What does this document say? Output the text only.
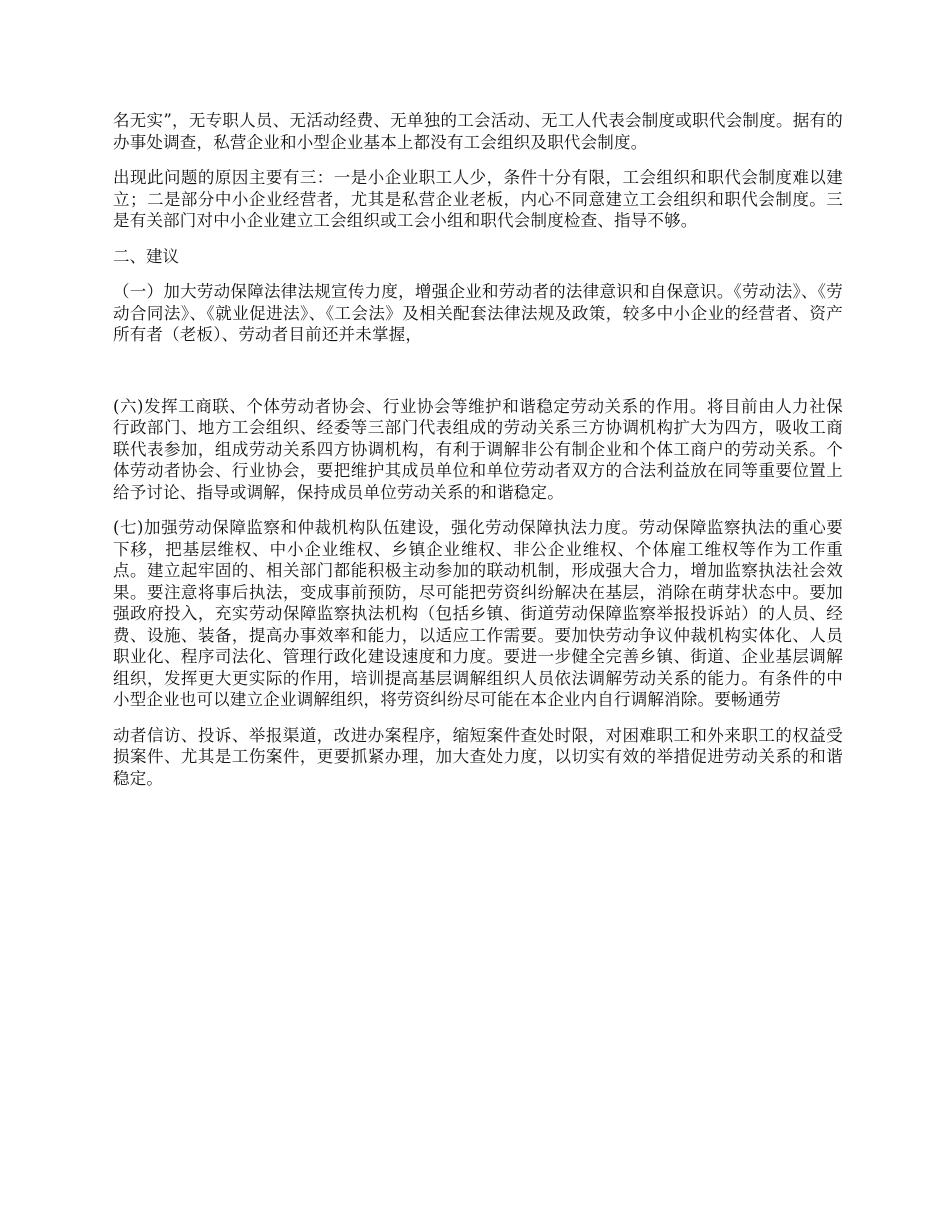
名无实”，无专职人员、无活动经费、无单独的工会活动、无工人代表会制度或职代会制度。据有的办事处调查，私营企业和小型企业基本上都没有工会组织及职代会制度。

出现此问题的原因主要有三：一是小企业职工人少，条件十分有限，工会组织和职代会制度难以建立；二是部分中小企业经营者，尤其是私营企业老板，内心不同意建立工会组织和职代会制度。三是有关部门对中小企业建立工会组织或工会小组和职代会制度检查、指导不够。

二、建议

（一）加大劳动保障法律法规宣传力度，增强企业和劳动者的法律意识和自保意识。《劳动法》、《劳动合同法》、《就业促进法》、《工会法》及相关配套法律法规及政策，较多中小企业的经营者、资产所有者（老板）、劳动者目前还并未掌握，

(六)发挥工商联、个体劳动者协会、行业协会等维护和谐稳定劳动关系的作用。将目前由人力社保行政部门、地方工会组织、经委等三部门代表组成的劳动关系三方协调机构扩大为四方，吸收工商联代表参加，组成劳动关系四方协调机构，有利于调解非公有制企业和个体工商户的劳动关系。个体劳动者协会、行业协会，要把维护其成员单位和单位劳动者双方的合法利益放在同等重要位置上给予讨论、指导或调解，保持成员单位劳动关系的和谐稳定。

(七)加强劳动保障监察和仲裁机构队伍建设，强化劳动保障执法力度。劳动保障监察执法的重心要下移，把基层维权、中小企业维权、乡镇企业维权、非公企业维权、个体雇工维权等作为工作重点。建立起牢固的、相关部门都能积极主动参加的联动机制，形成强大合力，增加监察执法社会效果。要注意将事后执法，变成事前预防，尽可能把劳资纠纷解决在基层，消除在萌芽状态中。要加强政府投入，充实劳动保障监察执法机构（包括乡镇、街道劳动保障监察举报投诉站）的人员、经费、设施、装备，提高办事效率和能力，以适应工作需要。要加快劳动争议仲裁机构实体化、人员职业化、程序司法化、管理行政化建设速度和力度。要进一步健全完善乡镇、街道、企业基层调解组织，发挥更大更实际的作用，培训提高基层调解组织人员依法调解劳动关系的能力。有条件的中小型企业也可以建立企业调解组织，将劳资纠纷尽可能在本企业内自行调解消除。要畅通劳

动者信访、投诉、举报渠道，改进办案程序，缩短案件查处时限，对困难职工和外来职工的权益受损案件、尤其是工伤案件，更要抓紧办理，加大查处力度，以切实有效的举措促进劳动关系的和谐稳定。
